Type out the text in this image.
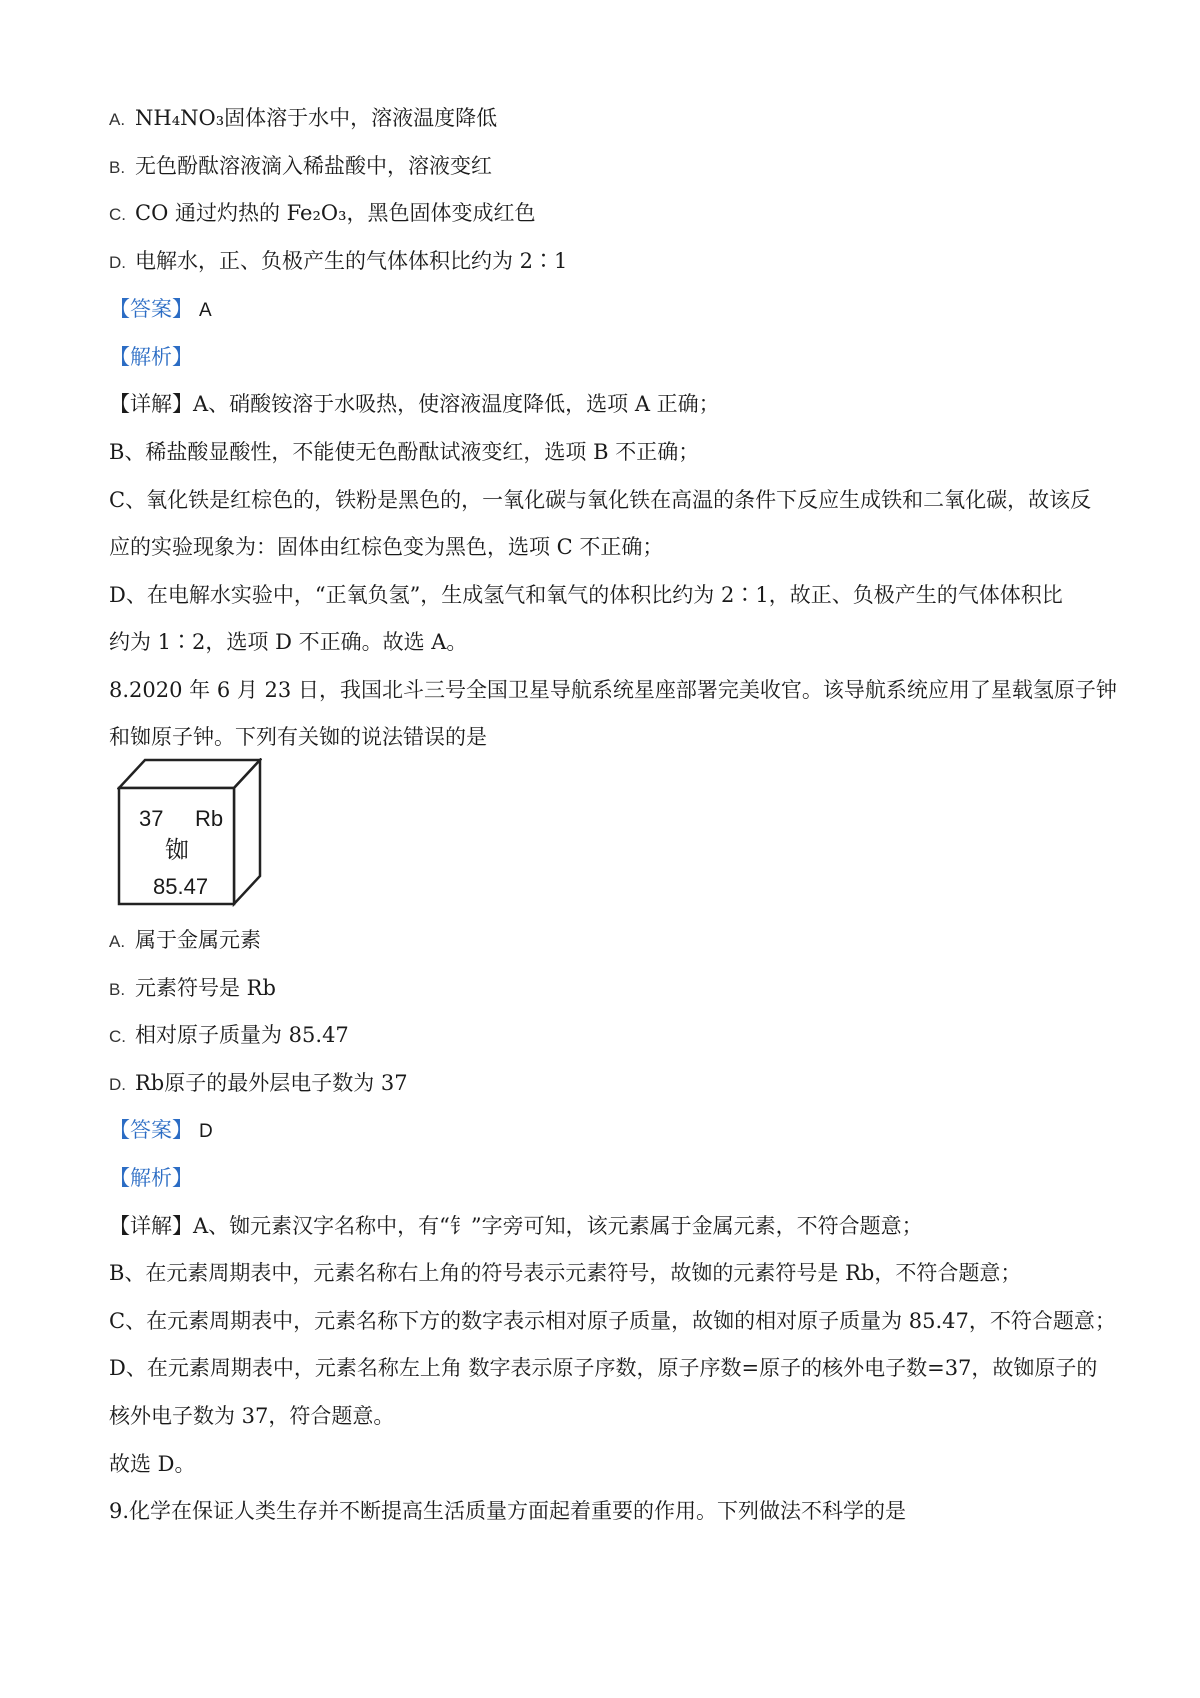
A. NH₄NO₃固体溶于水中，溶液温度降低
B. 无色酚酞溶液滴入稀盐酸中，溶液变红
C. CO 通过灼热的 Fe₂O₃，黑色固体变成红色
D. 电解水，正、负极产生的气体体积比约为 2∶1
【答案】 A
【解析】
【详解】A、硝酸铵溶于水吸热，使溶液温度降低，选项 A 正确；
B、稀盐酸显酸性，不能使无色酚酞试液变红，选项 B 不正确；
C、氧化铁是红棕色的，铁粉是黑色的，一氧化碳与氧化铁在高温的条件下反应生成铁和二氧化碳，故该反
应的实验现象为：固体由红棕色变为黑色，选项 C 不正确；
D、在电解水实验中，“正氧负氢”，生成氢气和氧气的体积比约为 2∶1，故正、负极产生的气体体积比
约为 1∶2，选项 D 不正确。故选 A。
8.2020 年 6 月 23 日，我国北斗三号全国卫星导航系统星座部署完美收官。该导航系统应用了星载氢原子钟
和铷原子钟。下列有关铷的说法错误的是
37 Rb
铷
85.47
A. 属于金属元素
B. 元素符号是 Rb
C. 相对原子质量为 85.47
D. Rb原子的最外层电子数为 37
【答案】 D
【解析】
【详解】A、铷元素汉字名称中，有“钅”字旁可知，该元素属于金属元素，不符合题意；
B、在元素周期表中，元素名称右上角的符号表示元素符号，故铷的元素符号是 Rb，不符合题意；
C、在元素周期表中，元素名称下方的数字表示相对原子质量，故铷的相对原子质量为 85.47，不符合题意；
D、在元素周期表中，元素名称左上角 数字表示原子序数，原子序数=原子的核外电子数=37，故铷原子的
核外电子数为 37，符合题意。
故选 D。
9.化学在保证人类生存并不断提高生活质量方面起着重要的作用。下列做法不科学的是
